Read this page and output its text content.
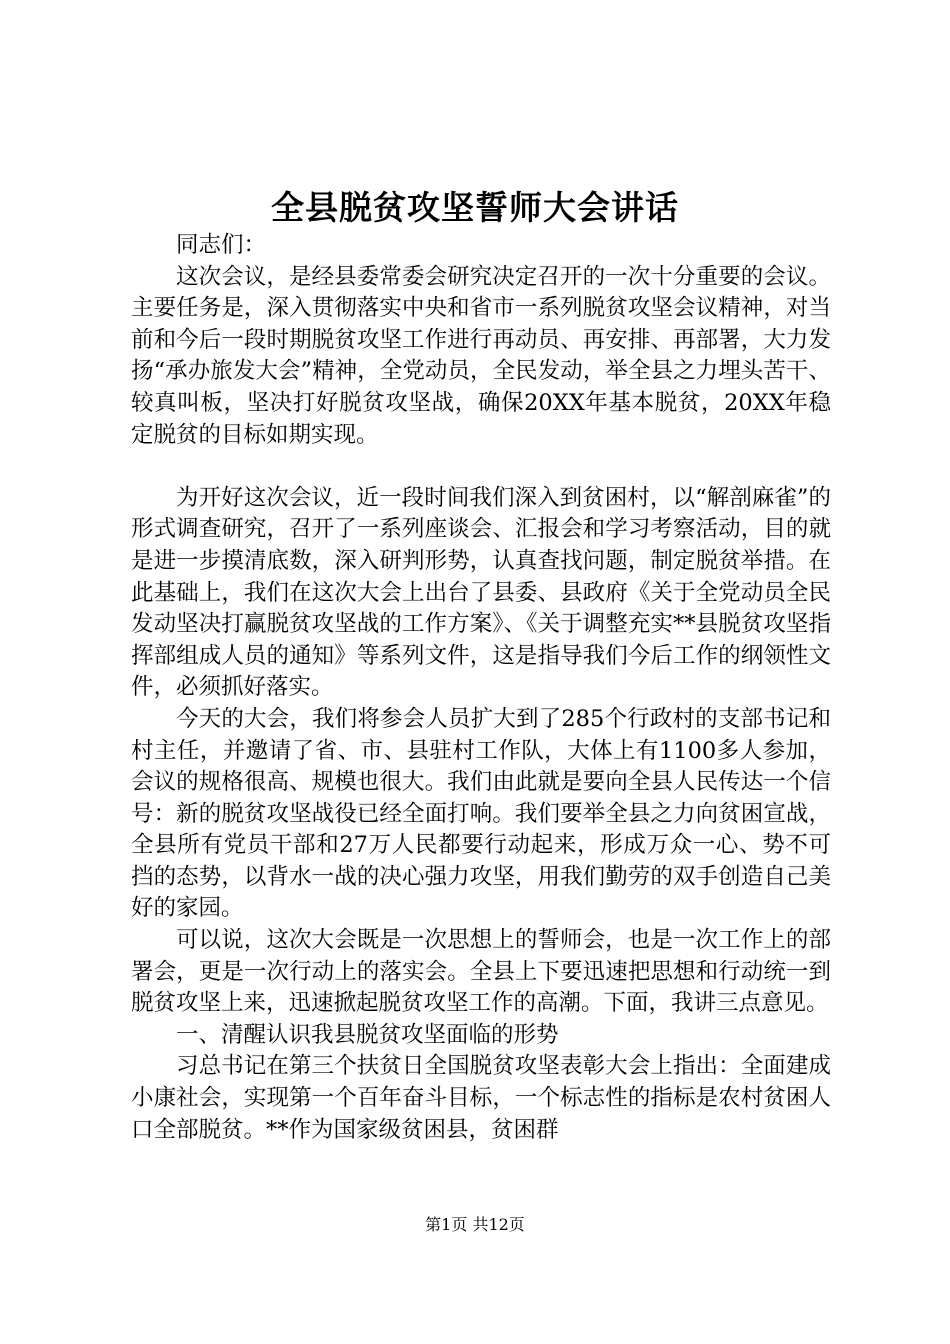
全县脱贫攻坚誓师大会讲话

同志们：

这次会议，是经县委常委会研究决定召开的一次十分重要的会议。主要任务是，深入贯彻落实中央和省市一系列脱贫攻坚会议精神，对当前和今后一段时期脱贫攻坚工作进行再动员、再安排、再部署，大力发扬“承办旅发大会”精神，全党动员，全民发动，举全县之力埋头苦干、较真叫板，坚决打好脱贫攻坚战，确保20XX年基本脱贫，20XX年稳定脱贫的目标如期实现。

为开好这次会议，近一段时间我们深入到贫困村，以“解剖麻雀”的形式调查研究，召开了一系列座谈会、汇报会和学习考察活动，目的就是进一步摸清底数，深入研判形势，认真查找问题，制定脱贫举措。在此基础上，我们在这次大会上出台了县委、县政府《关于全党动员全民发动坚决打赢脱贫攻坚战的工作方案》、《关于调整充实**县脱贫攻坚指挥部组成人员的通知》等系列文件，这是指导我们今后工作的纲领性文件，必须抓好落实。

今天的大会，我们将参会人员扩大到了285个行政村的支部书记和村主任，并邀请了省、市、县驻村工作队，大体上有1100多人参加，会议的规格很高、规模也很大。我们由此就是要向全县人民传达一个信号：新的脱贫攻坚战役已经全面打响。我们要举全县之力向贫困宣战，全县所有党员干部和27万人民都要行动起来，形成万众一心、势不可挡的态势，以背水一战的决心强力攻坚，用我们勤劳的双手创造自己美好的家园。

可以说，这次大会既是一次思想上的誓师会，也是一次工作上的部署会，更是一次行动上的落实会。全县上下要迅速把思想和行动统一到脱贫攻坚上来，迅速掀起脱贫攻坚工作的高潮。下面，我讲三点意见。

一、清醒认识我县脱贫攻坚面临的形势

习总书记在第三个扶贫日全国脱贫攻坚表彰大会上指出：全面建成小康社会，实现第一个百年奋斗目标，一个标志性的指标是农村贫困人口全部脱贫。**作为国家级贫困县，贫困群

第1页 共12页
